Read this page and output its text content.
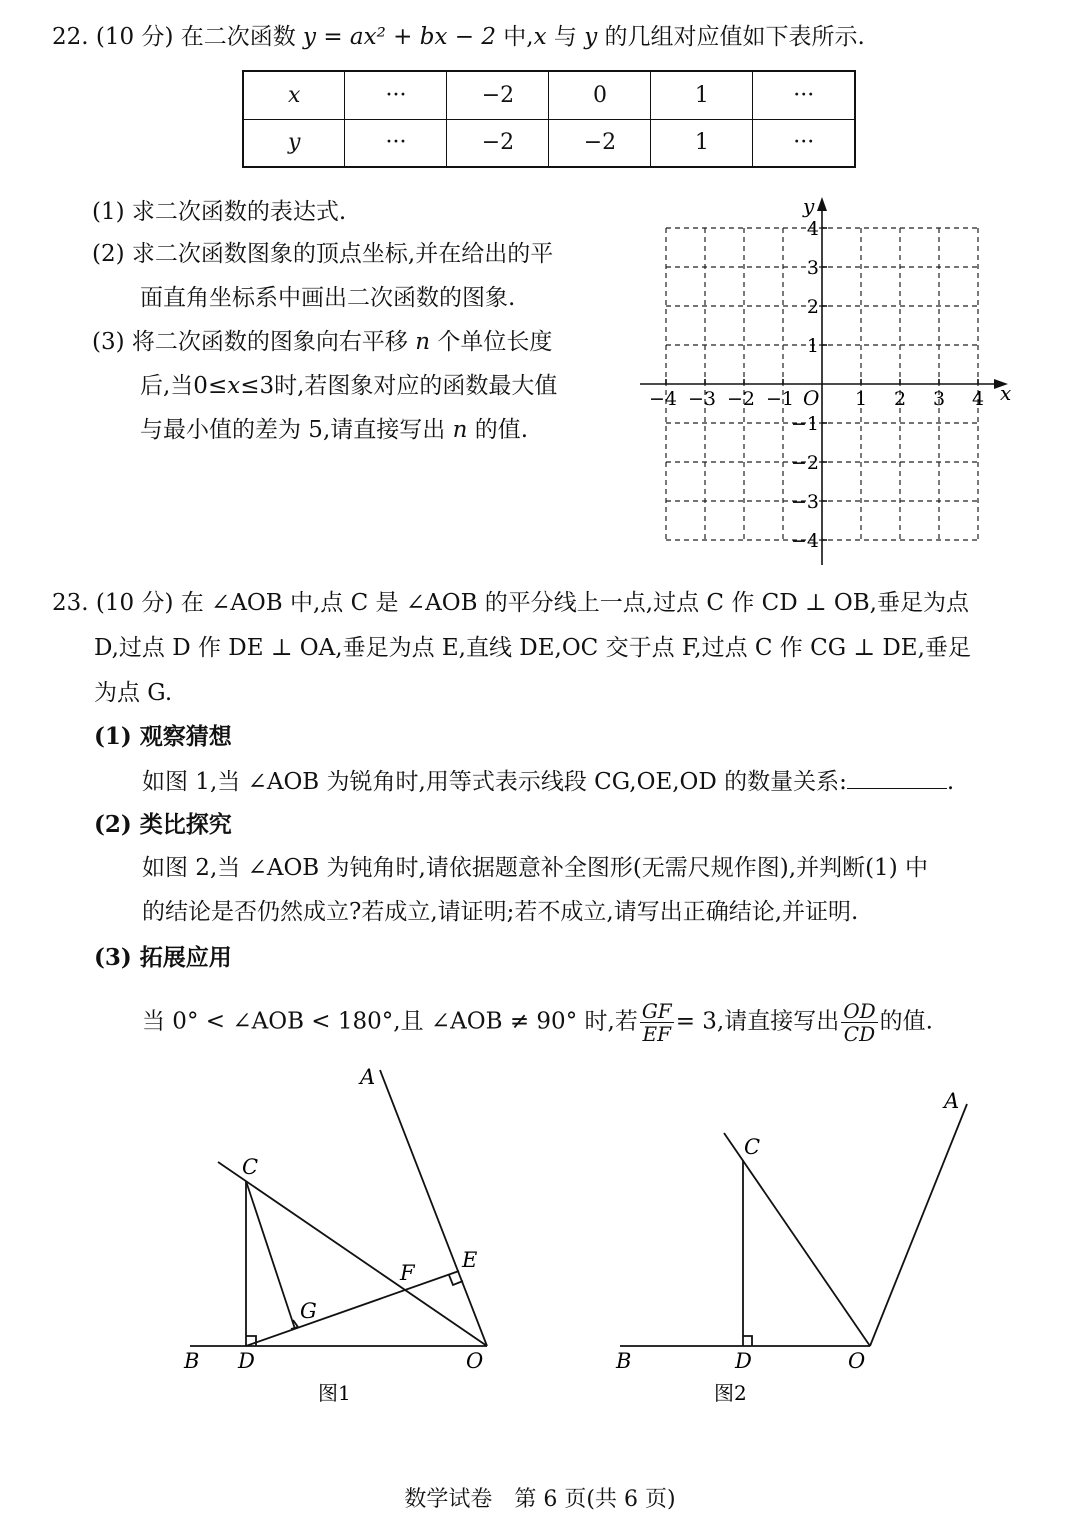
22. (10 分) 在二次函数 y = ax² + bx − 2 中,x 与 y 的几组对应值如下表所示.
x	···	−2	0	1	···
y	···	−2	−2	1	···
(1) 求二次函数的表达式.
(2) 求二次函数图象的顶点坐标,并在给出的平
面直角坐标系中画出二次函数的图象.
(3) 将二次函数的图象向右平移 n 个单位长度
后,当0≤x≤3时,若图象对应的函数最大值
与最小值的差为 5,请直接写出 n 的值.
x
y
O
−4 −3 −2 −1	1 2 3 4
4
3
2
1
−1
−2
−3
−4
23. (10 分) 在 ∠AOB 中,点 C 是 ∠AOB 的平分线上一点,过点 C 作 CD ⊥ OB,垂足为点
D,过点 D 作 DE ⊥ OA,垂足为点 E,直线 DE,OC 交于点 F,过点 C 作 CG ⊥ DE,垂足
为点 G.
(1) 观察猜想
如图 1,当 ∠AOB 为锐角时,用等式表示线段 CG,OE,OD 的数量关系:	.
(2) 类比探究
如图 2,当 ∠AOB 为钝角时,请依据题意补全图形(无需尺规作图),并判断(1) 中
的结论是否仍然成立?若成立,请证明;若不成立,请写出正确结论,并证明.
(3) 拓展应用
当 0° < ∠AOB < 180°,且 ∠AOB ≠ 90° 时,若 $\frac{GF}{EF} = 3$,请直接写出 $\frac{OD}{CD}$ 的值.
A
B
C
D
E
F
G
O
图1
A
B
C
D	O
图2
数学试卷　第 6 页(共 6 页)
